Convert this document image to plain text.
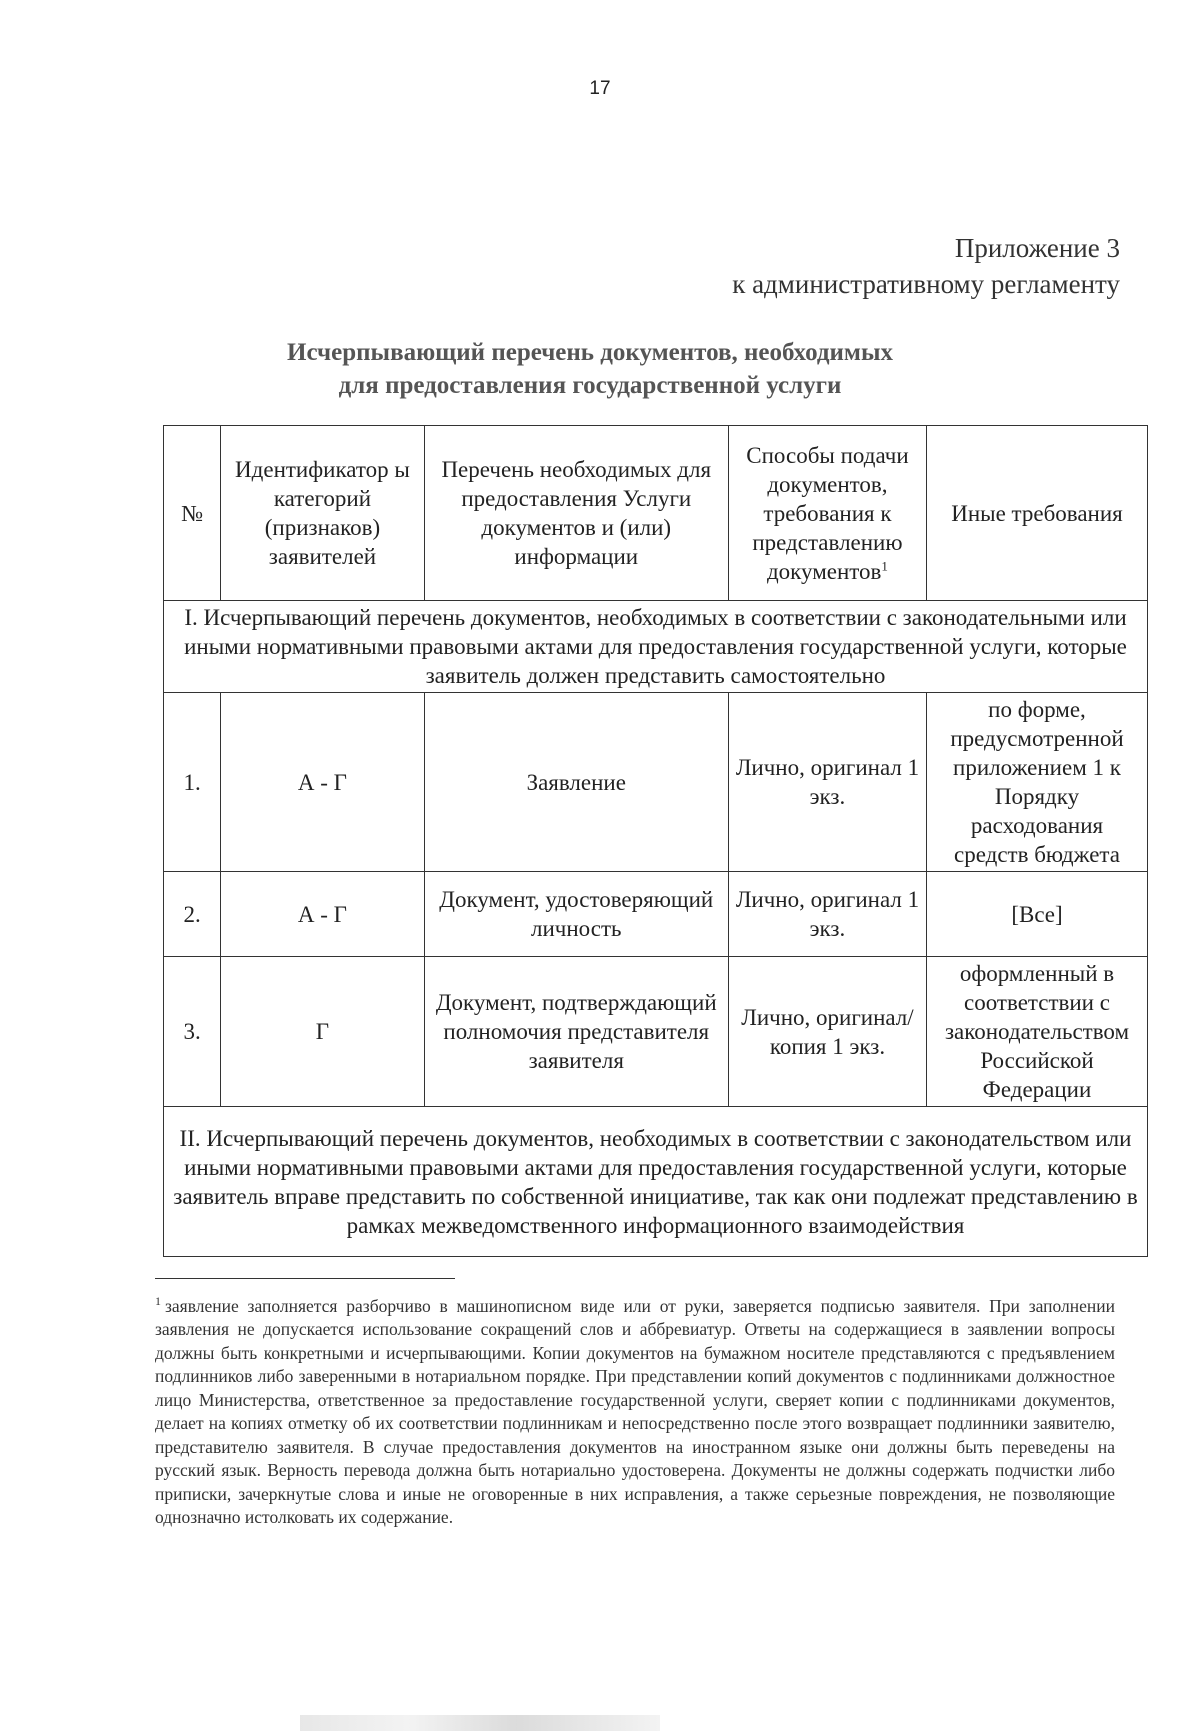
17
Приложение 3
к административному регламенту
Исчерпывающий перечень документов, необходимых
для предоставления государственной услуги
№	Идентификатор ы категорий (признаков) заявителей	Перечень необходимых для предоставления Услуги документов и (или) информации	Способы подачи документов, требования к представлению документов$^1$	Иные требования
I. Исчерпывающий перечень документов, необходимых в соответствии с законодательными или иными нормативными правовыми актами для предоставления государственной услуги, которые заявитель должен представить самостоятельно				
1.	А - Г	Заявление	Лично, оригинал 1 экз.	по форме, предусмотренной приложением 1 к Порядку расходования средств бюджета
2.	А - Г	Документ, удостоверяющий личность	Лично, оригинал 1 экз.	[Все]
3.	Г	Документ, подтверждающий полномочия представителя заявителя	Лично, оригинал/копия 1 экз.	оформленный в соответствии с законодательством Российской Федерации
II. Исчерпывающий перечень документов, необходимых в соответствии с законодательством или иными нормативными правовыми актами для предоставления государственной услуги, которые заявитель вправе представить по собственной инициативе, так как они подлежат представлению в рамках межведомственного информационного взаимодействия				
$^1$ заявление заполняется разборчиво в машинописном виде или от руки, заверяется подписью заявителя. При заполнении заявления не допускается использование сокращений слов и аббревиатур. Ответы на содержащиеся в заявлении вопросы должны быть конкретными и исчерпывающими. Копии документов на бумажном носителе представляются с предъявлением подлинников либо заверенными в нотариальном порядке. При представлении копий документов с подлинниками должностное лицо Министерства, ответственное за предоставление государственной услуги, сверяет копии с подлинниками документов, делает на копиях отметку об их соответствии подлинникам и непосредственно после этого возвращает подлинники заявителю, представителю заявителя. В случае предоставления документов на иностранном языке они должны быть переведены на русский язык. Верность перевода должна быть нотариально удостоверена. Документы не должны содержать подчистки либо приписки, зачеркнутые слова и иные не оговоренные в них исправления, а также серьезные повреждения, не позволяющие однозначно истолковать их содержание.
